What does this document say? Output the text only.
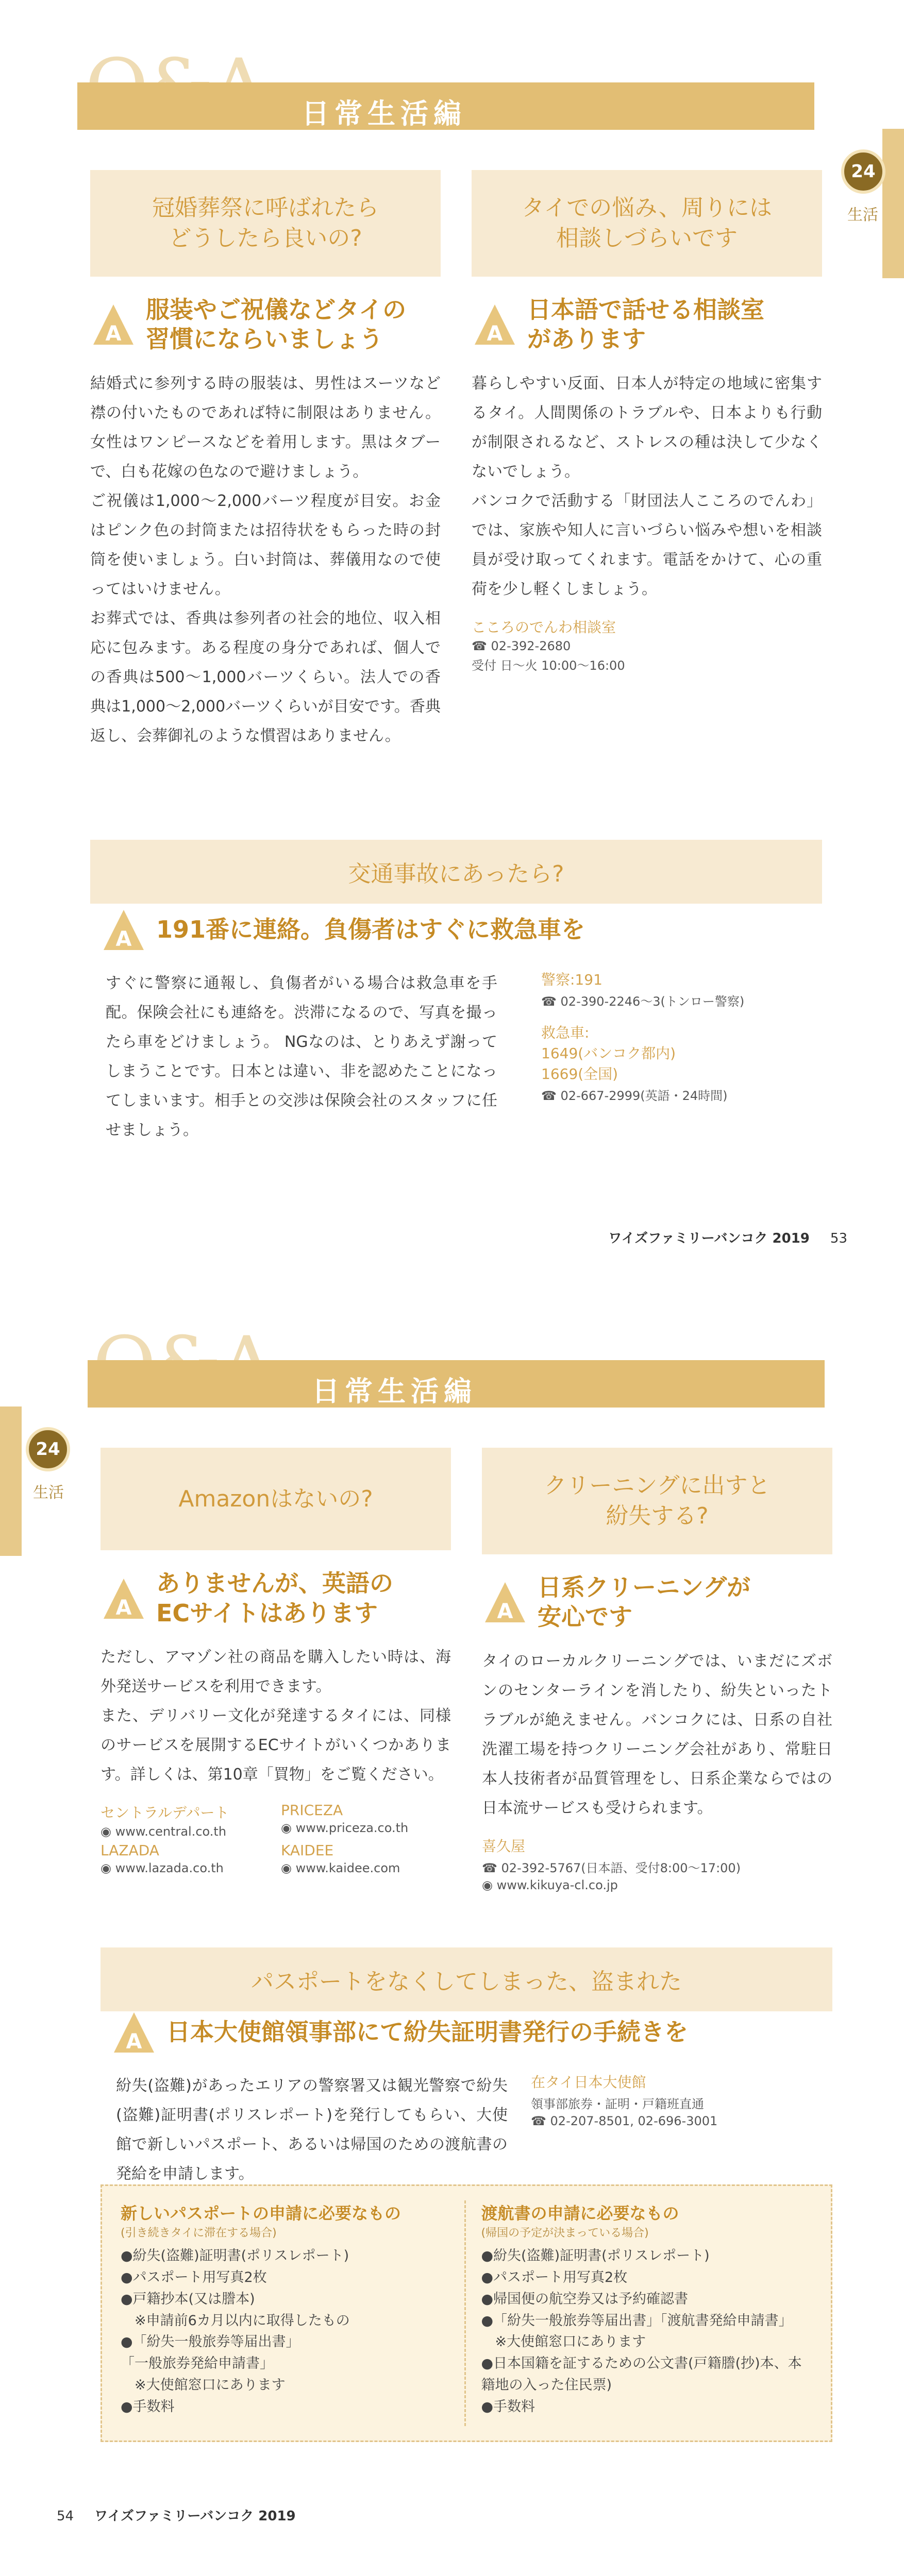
日常生活編
24
生活
冠婚葬祭に呼ばれたら
どうしたら良いの?
A
服装やご祝儀などタイの
習慣にならいましょう
結婚式に参列する時の服装は、男性はスーツなど襟の付いたものであれば特に制限はありません。女性はワンピースなどを着用します。黒はタブーで、白も花嫁の色なので避けましょう。
ご祝儀は1,000〜2,000バーツ程度が目安。お金はピンク色の封筒または招待状をもらった時の封筒を使いましょう。白い封筒は、葬儀用なので使ってはいけません。
お葬式では、香典は参列者の社会的地位、収入相応に包みます。ある程度の身分であれば、個人での香典は500〜1,000バーツくらい。法人での香典は1,000〜2,000バーツくらいが目安です。香典返し、会葬御礼のような慣習はありません。
タイでの悩み、周りには
相談しづらいです
A
日本語で話せる相談室
があります
暮らしやすい反面、日本人が特定の地域に密集するタイ。人間関係のトラブルや、日本よりも行動が制限されるなど、ストレスの種は決して少なくないでしょう。
バンコクで活動する「財団法人こころのでんわ」では、家族や知人に言いづらい悩みや想いを相談員が受け取ってくれます。電話をかけて、心の重荷を少し軽くしましょう。
こころのでんわ相談室
☎ 02-392-2680
受付 日〜火 10:00〜16:00
交通事故にあったら?
A 191番に連絡。負傷者はすぐに救急車を
すぐに警察に通報し、負傷者がいる場合は救急車を手配。保険会社にも連絡を。渋滞になるので、写真を撮ったら車をどけましょう。 NGなのは、とりあえず謝ってしまうことです。日本とは違い、非を認めたことになってしまいます。相手との交渉は保険会社のスタッフに任せましょう。
警察:191
☎ 02-390-2246〜3(トンロー警察)
救急車:
1649(バンコク都内)
1669(全国)
☎ 02-667-2999(英語・24時間)
ワイズファミリーバンコク 2019 53
日常生活編
24
生活	Amazonはないの?
A
ありませんが、英語の
ECサイトはあります
ただし、アマゾン社の商品を購入したい時は、海外発送サービスを利用できます。
また、デリバリー文化が発達するタイには、同様のサービスを展開するECサイトがいくつかあります。詳しくは、第10章「買物」をご覧ください。
セントラルデパート
◉ www.central.co.th
PRICEZA
◉ www.priceza.co.th
LAZADA
◉ www.lazada.co.th
KAIDEE
◉ www.kaidee.com
クリーニングに出すと
紛失する?
A
日系クリーニングが
安心です
タイのローカルクリーニングでは、いまだにズボンのセンターラインを消したり、紛失といったトラブルが絶えません。バンコクには、日系の自社洗濯工場を持つクリーニング会社があり、常駐日本人技術者が品質管理をし、日系企業ならではの日本流サービスも受けられます。
喜久屋
☎ 02-392-5767(日本語、受付8:00〜17:00)
◉ www.kikuya-cl.co.jp
パスポートをなくしてしまった、盗まれた
A 日本大使館領事部にて紛失証明書発行の手続きを
紛失(盗難)があったエリアの警察署又は観光警察で紛失(盗難)証明書(ポリスレポート)を発行してもらい、大使館で新しいパスポート、あるいは帰国のための渡航書の発給を申請します。
在タイ日本大使館
領事部旅券・証明・戸籍班直通
☎ 02-207-8501, 02-696-3001
新しいパスポートの申請に必要なもの
(引き続きタイに滞在する場合)
●紛失(盗難)証明書(ポリスレポート)
●パスポート用写真2枚
●戸籍抄本(又は謄本)
　※申請前6カ月以内に取得したもの
●「紛失一般旅券等届出書」
「一般旅券発給申請書」
　※大使館窓口にあります
●手数料
渡航書の申請に必要なもの
(帰国の予定が決まっている場合)
●紛失(盗難)証明書(ポリスレポート)
●パスポート用写真2枚
●帰国便の航空券又は予約確認書
●「紛失一般旅券等届出書」「渡航書発給申請書」
　※大使館窓口にあります
●日本国籍を証するための公文書(戸籍謄(抄)本、本籍地の入った住民票)
●手数料
54 ワイズファミリーバンコク 2019
